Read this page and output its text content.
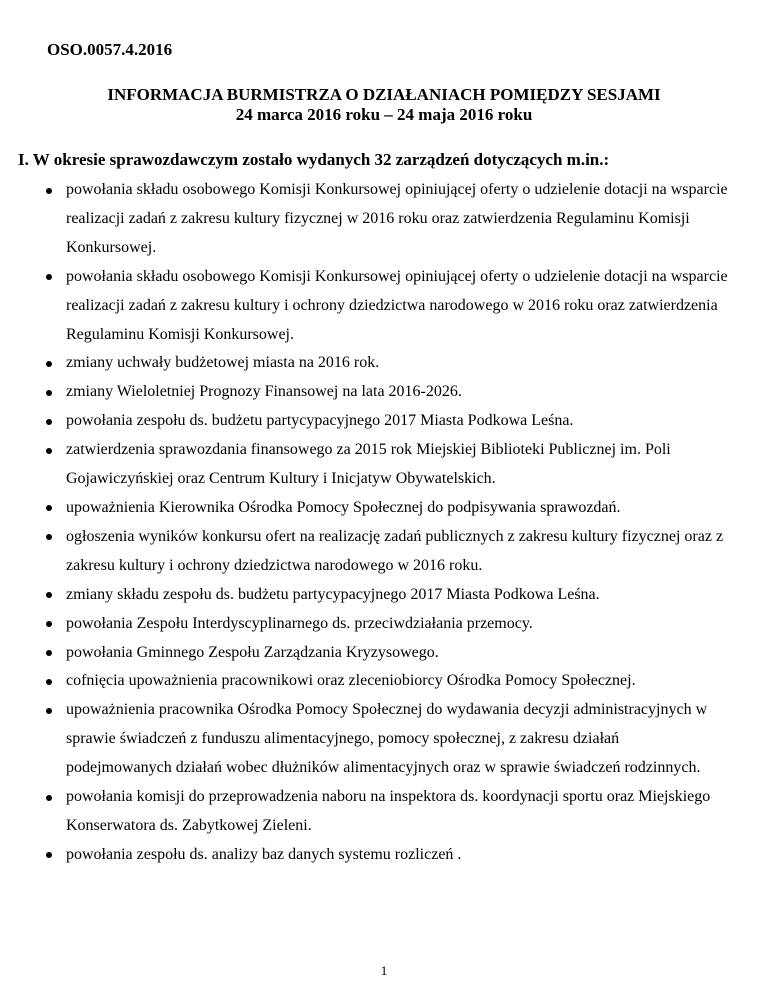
OSO.0057.4.2016
INFORMACJA BURMISTRZA O DZIAŁANIACH POMIĘDZY SESJAMI
24 marca 2016 roku – 24 maja 2016 roku
I. W okresie sprawozdawczym zostało wydanych 32 zarządzeń dotyczących m.in.:
powołania składu osobowego Komisji Konkursowej opiniującej oferty o udzielenie dotacji na wsparcie realizacji zadań z zakresu kultury fizycznej w 2016 roku oraz zatwierdzenia Regulaminu Komisji Konkursowej.
powołania składu osobowego Komisji Konkursowej opiniującej oferty o udzielenie dotacji na wsparcie realizacji zadań z zakresu kultury i ochrony dziedzictwa narodowego w 2016 roku oraz zatwierdzenia Regulaminu Komisji Konkursowej.
zmiany uchwały budżetowej miasta na 2016 rok.
zmiany Wieloletniej Prognozy Finansowej na lata 2016-2026.
powołania zespołu ds. budżetu partycypacyjnego 2017 Miasta Podkowa Leśna.
zatwierdzenia sprawozdania finansowego za 2015 rok Miejskiej Biblioteki Publicznej im. Poli Gojawiczyńskiej oraz Centrum Kultury i Inicjatyw Obywatelskich.
upoważnienia Kierownika Ośrodka Pomocy Społecznej do podpisywania sprawozdań.
ogłoszenia wyników konkursu ofert na realizację zadań publicznych z zakresu kultury fizycznej oraz z zakresu kultury i ochrony dziedzictwa narodowego w 2016 roku.
zmiany składu zespołu ds. budżetu partycypacyjnego 2017 Miasta Podkowa Leśna.
powołania Zespołu Interdyscyplinarnego ds. przeciwdziałania przemocy.
powołania Gminnego Zespołu Zarządzania Kryzysowego.
cofnięcia upoważnienia pracownikowi oraz zleceniobiorcy Ośrodka Pomocy Społecznej.
upoważnienia pracownika Ośrodka Pomocy Społecznej do wydawania decyzji administracyjnych w sprawie świadczeń z funduszu alimentacyjnego, pomocy społecznej, z zakresu działań podejmowanych działań wobec dłużników alimentacyjnych oraz w sprawie świadczeń rodzinnych.
powołania komisji do przeprowadzenia naboru na inspektora ds. koordynacji sportu oraz Miejskiego Konserwatora ds. Zabytkowej Zieleni.
powołania zespołu ds. analizy baz danych systemu rozliczeń .
1
